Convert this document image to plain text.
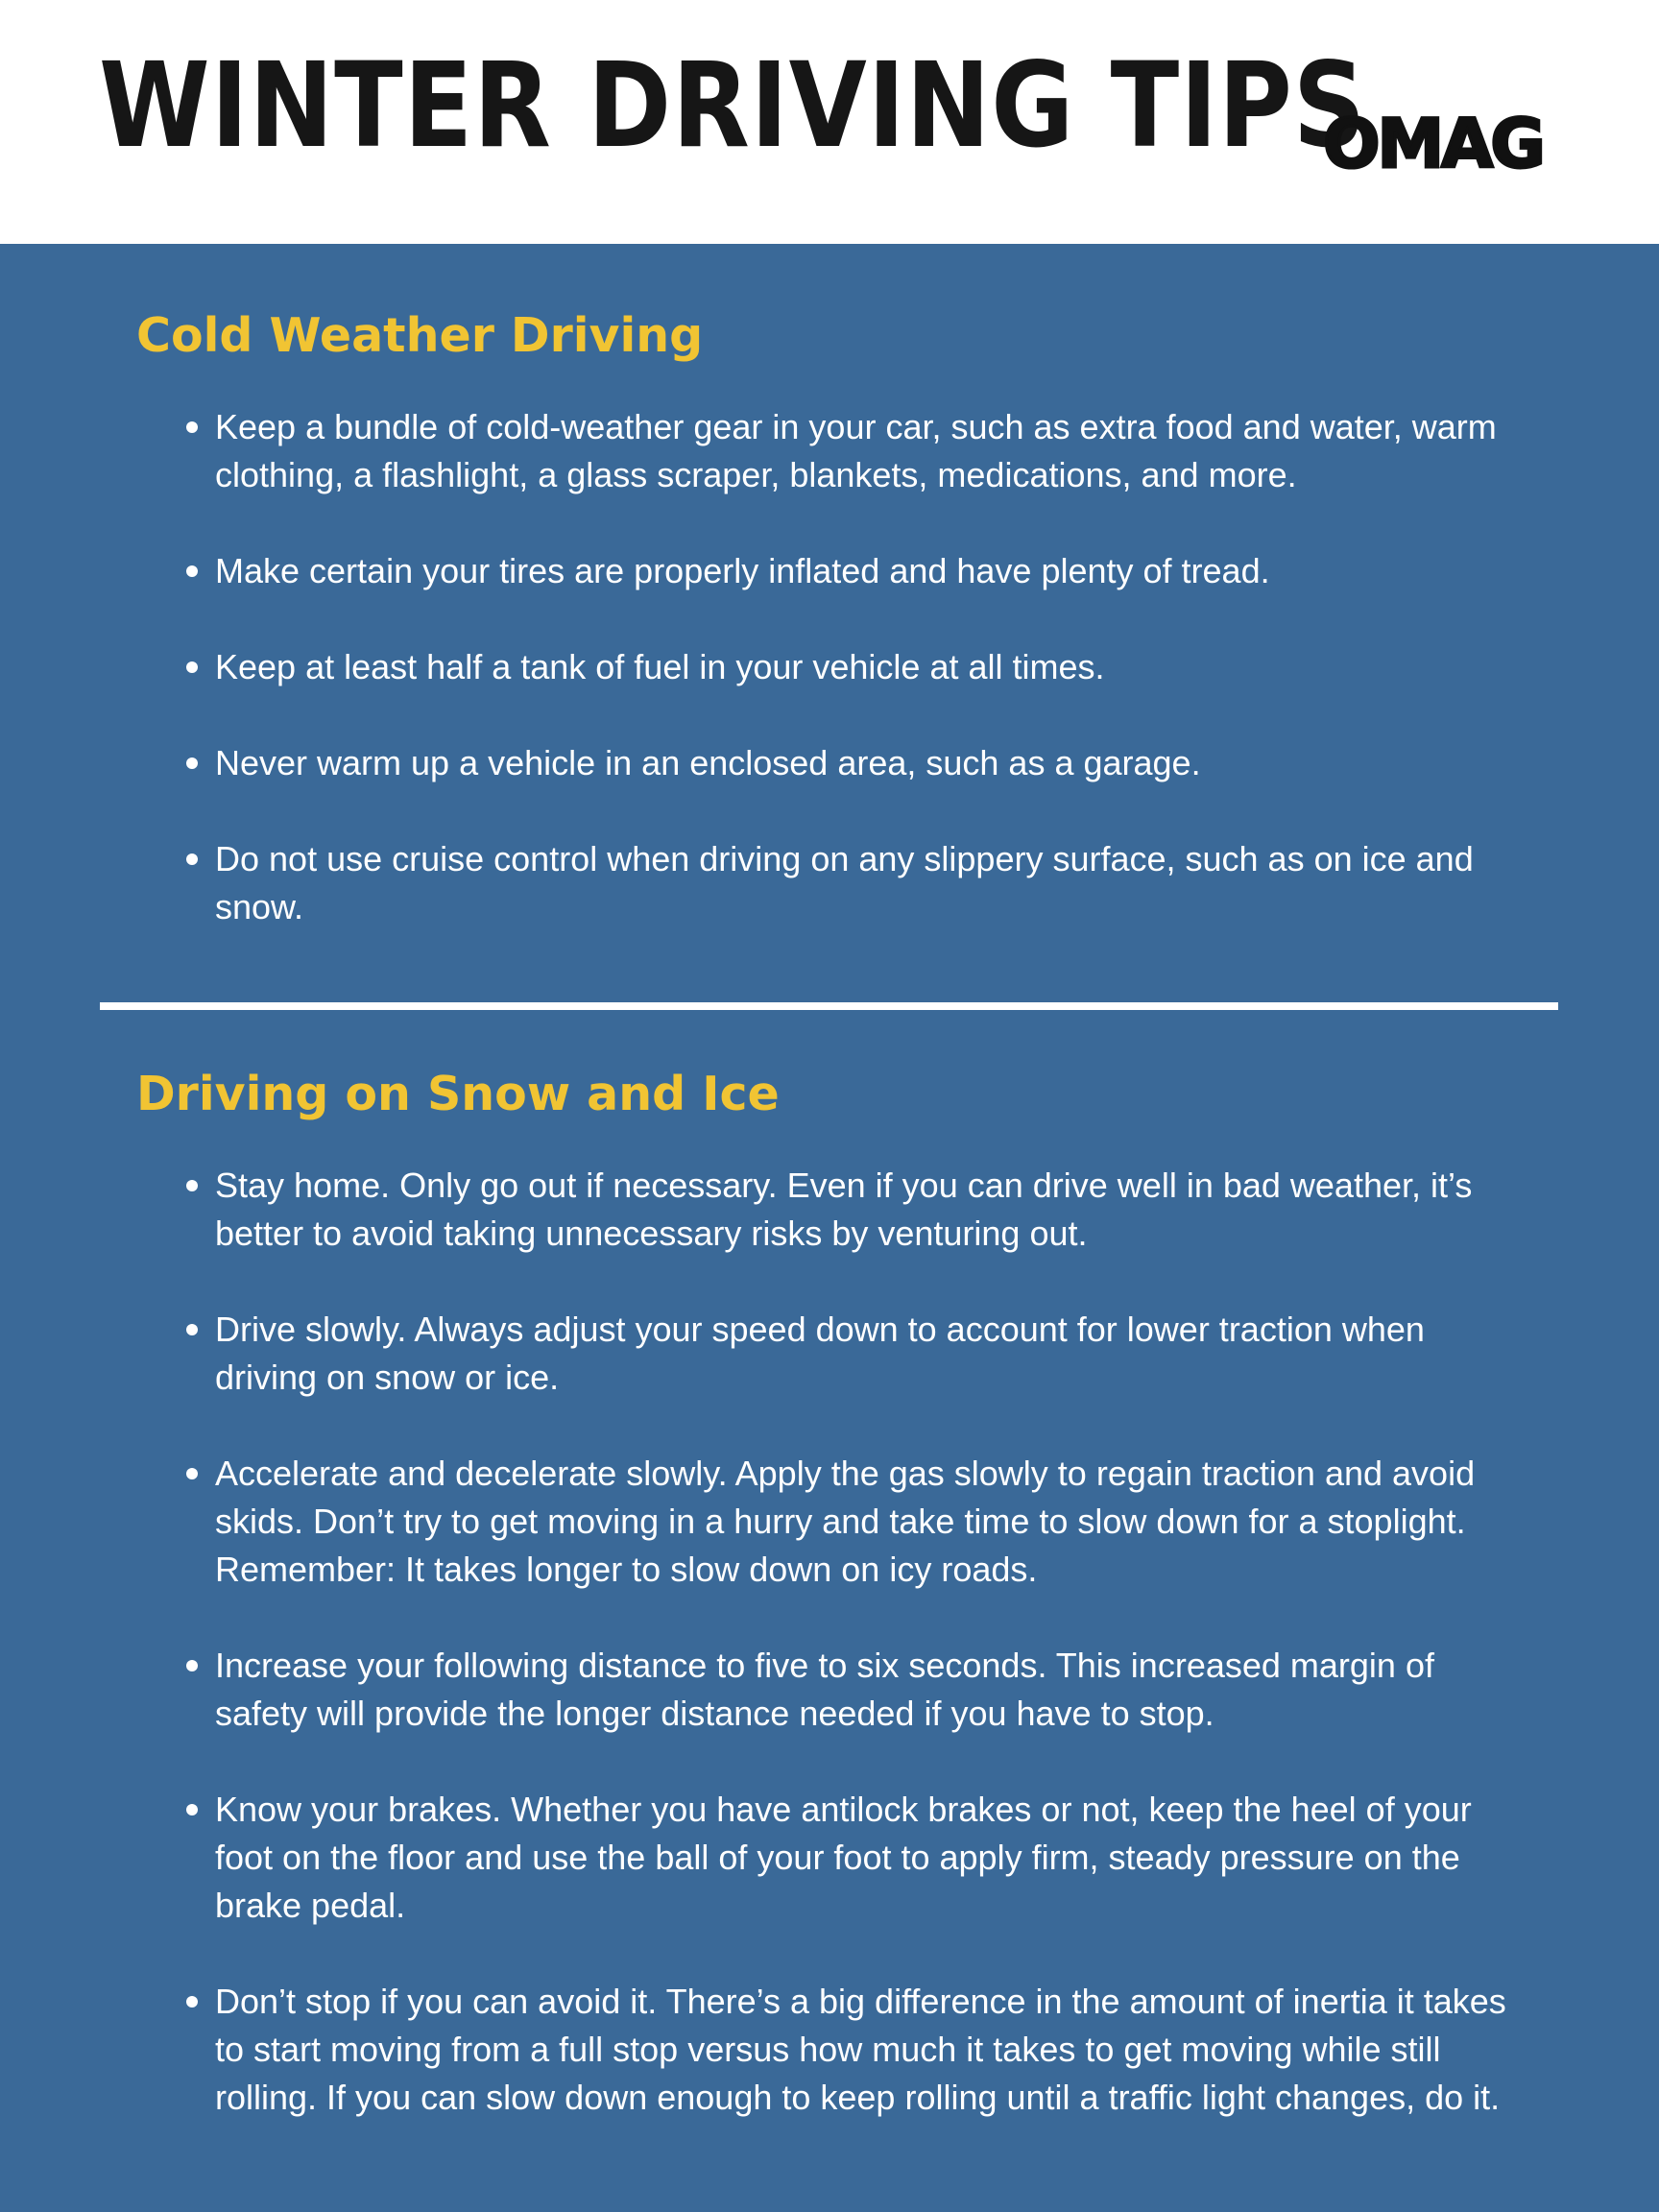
WINTER DRIVING TIPS
OMAG
Cold Weather Driving
Keep a bundle of cold-weather gear in your car, such as extra food and water, warm clothing, a flashlight, a glass scraper, blankets, medications, and more.
Make certain your tires are properly inflated and have plenty of tread.
Keep at least half a tank of fuel in your vehicle at all times.
Never warm up a vehicle in an enclosed area, such as a garage.
Do not use cruise control when driving on any slippery surface, such as on ice and snow.
Driving on Snow and Ice
Stay home. Only go out if necessary. Even if you can drive well in bad weather, it’s better to avoid taking unnecessary risks by venturing out.
Drive slowly. Always adjust your speed down to account for lower traction when driving on snow or ice.
Accelerate and decelerate slowly. Apply the gas slowly to regain traction and avoid skids. Don’t try to get moving in a hurry and take time to slow down for a stoplight. Remember: It takes longer to slow down on icy roads.
Increase your following distance to five to six seconds. This increased margin of safety will provide the longer distance needed if you have to stop.
Know your brakes. Whether you have antilock brakes or not, keep the heel of your foot on the floor and use the ball of your foot to apply firm, steady pressure on the brake pedal.
Don’t stop if you can avoid it. There’s a big difference in the amount of inertia it takes to start moving from a full stop versus how much it takes to get moving while still rolling. If you can slow down enough to keep rolling until a traffic light changes, do it.
